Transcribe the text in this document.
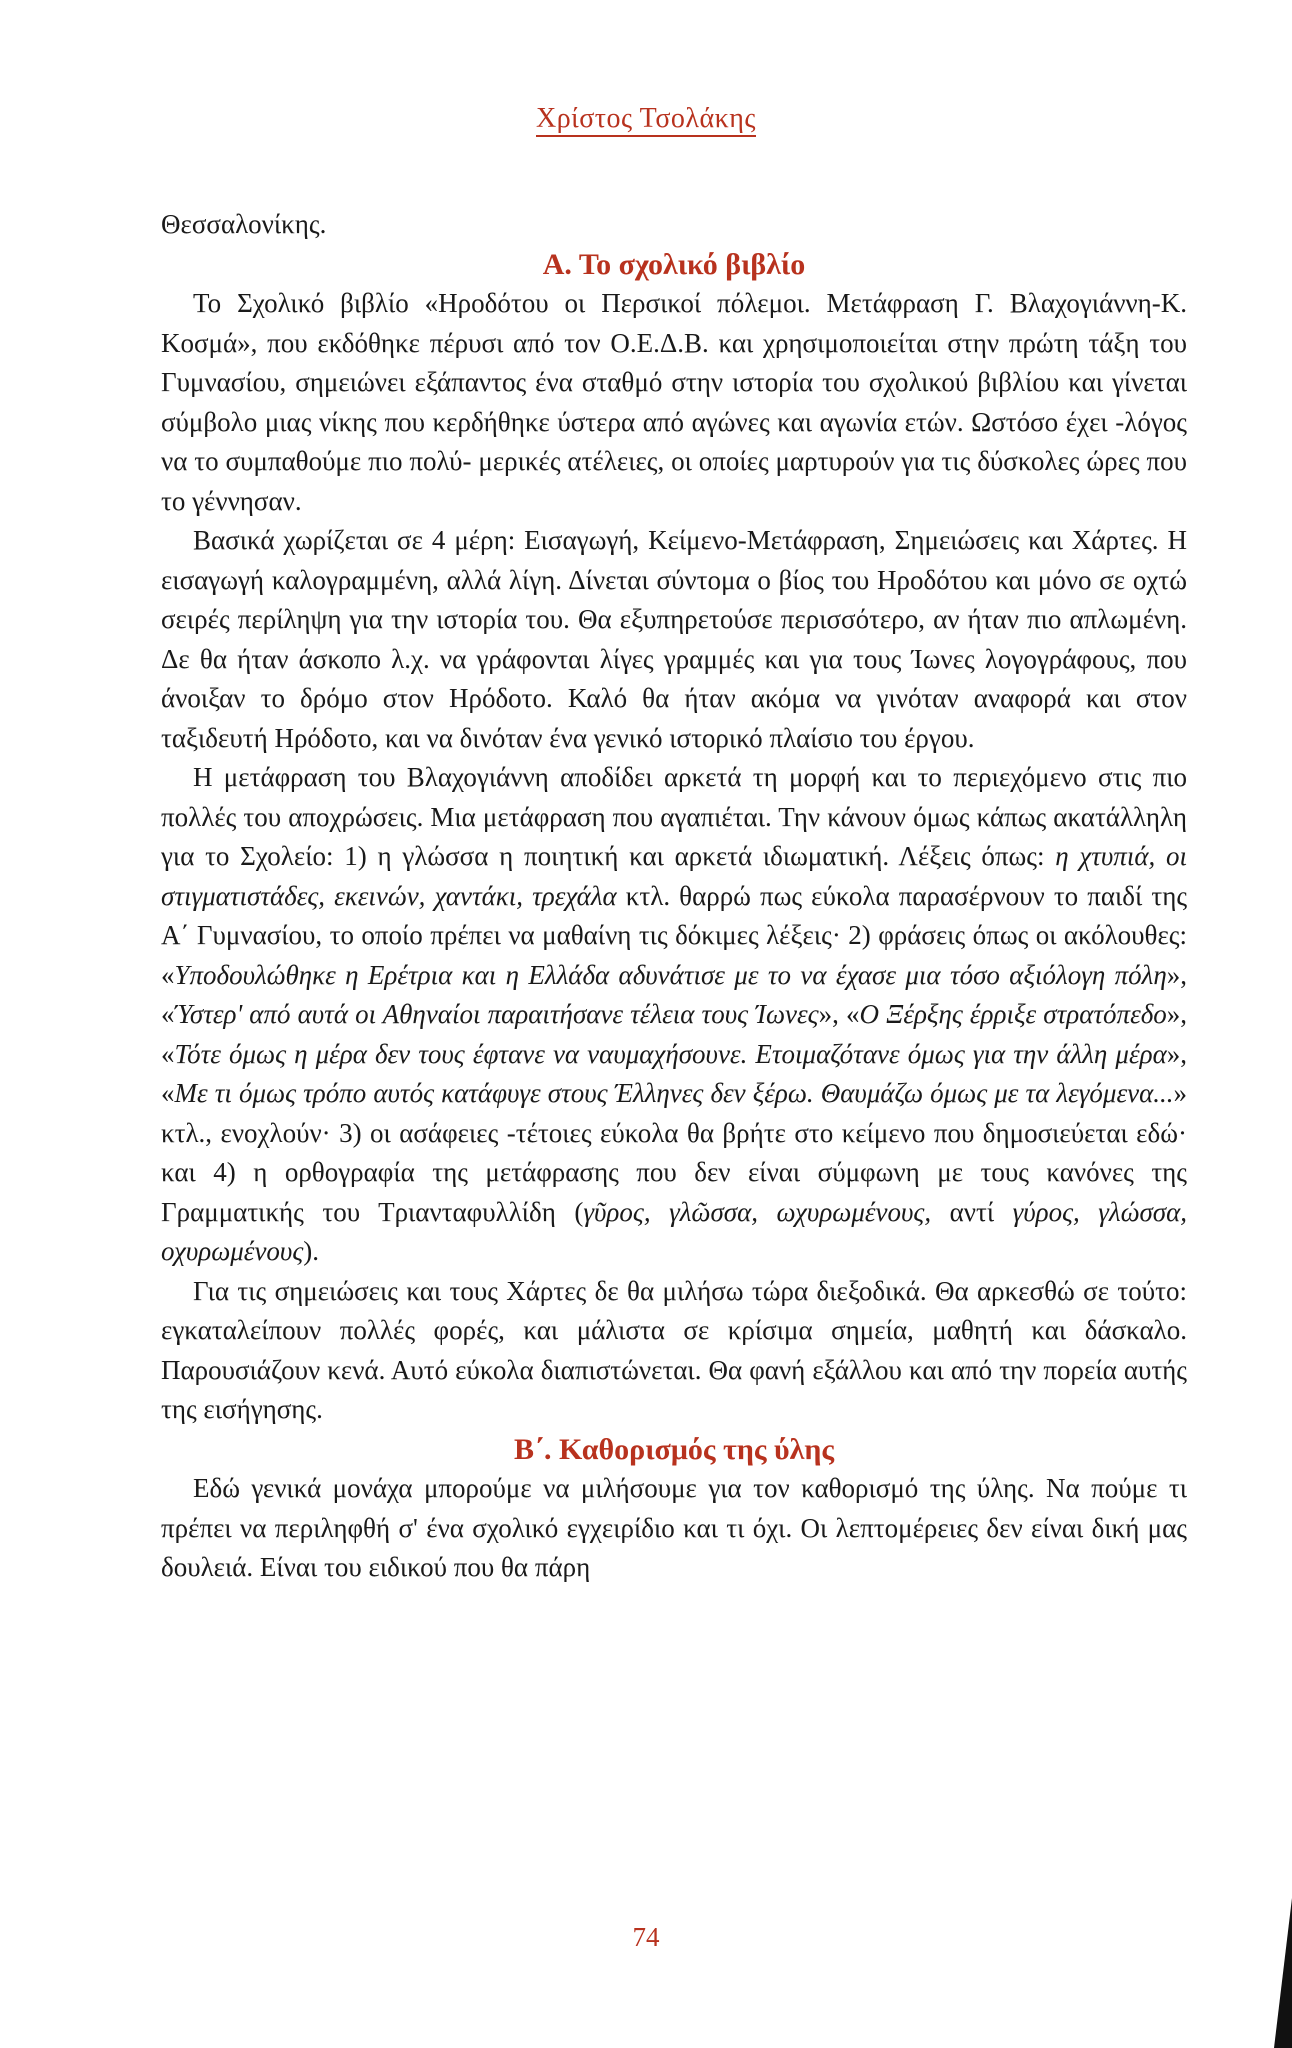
Χρίστος Τσολάκης

Θεσσαλονίκης.

Α. Το σχολικό βιβλίο

Το Σχολικό βιβλίο «Ηροδότου οι Περσικοί πόλεμοι. Μετάφραση Γ. Βλαχογιάννη-Κ. Κοσμά», που εκδόθηκε πέρυσι από τον Ο.Ε.Δ.Β. και χρησιμοποιείται στην πρώτη τάξη του Γυμνασίου, σημειώνει εξάπαντος ένα σταθμό στην ιστορία του σχολικού βιβλίου και γίνεται σύμβολο μιας νίκης που κερδήθηκε ύστερα από αγώνες και αγωνία ετών. Ωστόσο έχει -λόγος να το συμπαθούμε πιο πολύ- μερικές ατέλειες, οι οποίες μαρτυρούν για τις δύσκολες ώρες που το γέννησαν.

Βασικά χωρίζεται σε 4 μέρη: Εισαγωγή, Κείμενο-Μετάφραση, Σημειώσεις και Χάρτες. Η εισαγωγή καλογραμμένη, αλλά λίγη. Δίνεται σύντομα ο βίος του Ηροδότου και μόνο σε οχτώ σειρές περίληψη για την ιστορία του. Θα εξυπηρετούσε περισσότερο, αν ήταν πιο απλωμένη. Δε θα ήταν άσκοπο λ.χ. να γράφονται λίγες γραμμές και για τους Ίωνες λογογράφους, που άνοιξαν το δρόμο στον Ηρόδοτο. Καλό θα ήταν ακόμα να γινόταν αναφορά και στον ταξιδευτή Ηρόδοτο, και να δινόταν ένα γενικό ιστορικό πλαίσιο του έργου.

Η μετάφραση του Βλαχογιάννη αποδίδει αρκετά τη μορφή και το περιεχόμενο στις πιο πολλές του αποχρώσεις. Μια μετάφραση που αγαπιέται. Την κάνουν όμως κάπως ακατάλληλη για το Σχολείο: 1) η γλώσσα η ποιητική και αρκετά ιδιωματική. Λέξεις όπως: η χτυπιά, οι στιγματιστάδες, εκεινών, χαντάκι, τρεχάλα κτλ. θαρρώ πως εύκολα παρασέρνουν το παιδί της Α΄ Γυμνασίου, το οποίο πρέπει να μαθαίνη τις δόκιμες λέξεις· 2) φράσεις όπως οι ακόλουθες: «Υποδουλώθηκε η Ερέτρια και η Ελλάδα αδυνάτισε με το να έχασε μια τόσο αξιόλογη πόλη», «Ύστερ' από αυτά οι Αθηναίοι παραιτήσανε τέλεια τους Ίωνες», «Ο Ξέρξης έρριξε στρατόπεδο», «Τότε όμως η μέρα δεν τους έφτανε να ναυμαχήσουνε. Ετοιμαζότανε όμως για την άλλη μέρα», «Με τι όμως τρόπο αυτός κατάφυγε στους Έλληνες δεν ξέρω. Θαυμάζω όμως με τα λεγόμενα...» κτλ., ενοχλούν· 3) οι ασάφειες -τέτοιες εύκολα θα βρήτε στο κείμενο που δημοσιεύεται εδώ· και 4) η ορθογραφία της μετάφρασης που δεν είναι σύμφωνη με τους κανόνες της Γραμματικής του Τριανταφυλλίδη (γῦρος, γλῶσσα, ωχυρωμένους, αντί γύρος, γλώσσα, οχυρωμένους).

Για τις σημειώσεις και τους Χάρτες δε θα μιλήσω τώρα διεξοδικά. Θα αρκεσθώ σε τούτο: εγκαταλείπουν πολλές φορές, και μάλιστα σε κρίσιμα σημεία, μαθητή και δάσκαλο. Παρουσιάζουν κενά. Αυτό εύκολα διαπιστώνεται. Θα φανή εξάλλου και από την πορεία αυτής της εισήγησης.

Β΄. Καθορισμός της ύλης

Εδώ γενικά μονάχα μπορούμε να μιλήσουμε για τον καθορισμό της ύλης. Να πούμε τι πρέπει να περιληφθή σ' ένα σχολικό εγχειρίδιο και τι όχι. Οι λεπτομέρειες δεν είναι δική μας δουλειά. Είναι του ειδικού που θα πάρη

74
